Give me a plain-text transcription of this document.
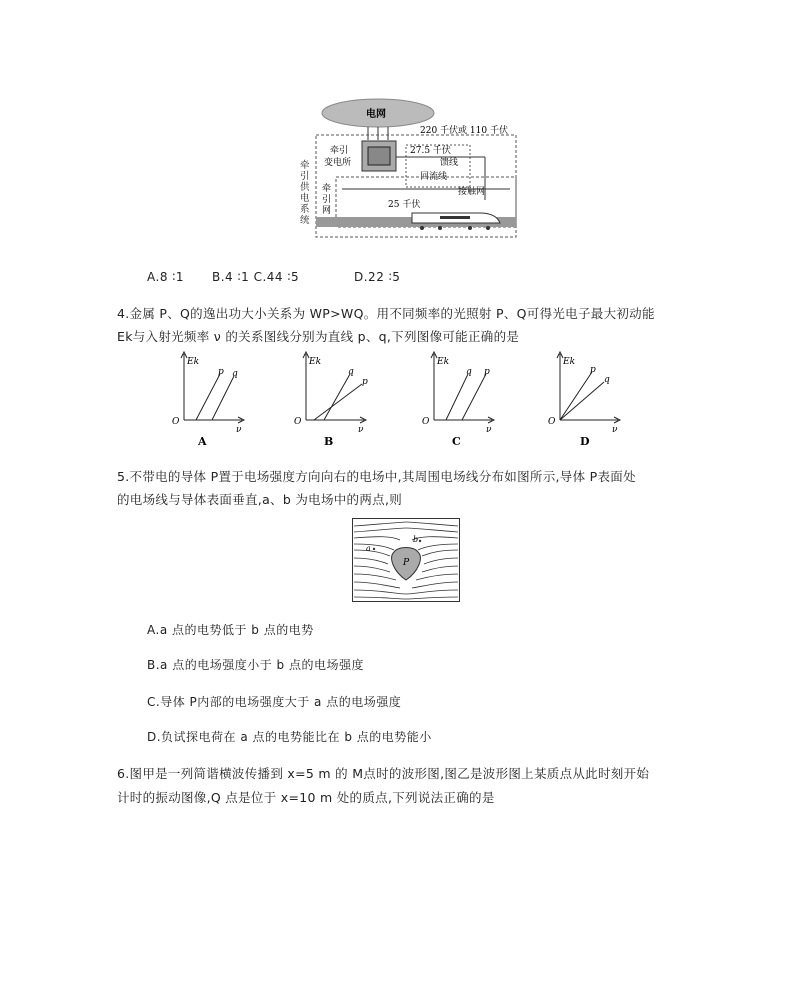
电网
220 千伏或 110 千伏
牵引
变电所
27.5 千伏
馈线
回流线
牵
引
网
接触网
25 千伏
牵
引
供
电
系
统
A.8 ∶1 B.4 ∶1 C.44 ∶5	D.22 ∶5
4.金属 P、Q的逸出功大小关系为 WP>WQ。用不同频率的光照射 P、Q可得光电子最大初动能
Ek与入射光频率 ν 的关系图线分别为直线 p、q,下列图像可能正确的是
Ek
O
ν
p q
A
Ek
O
ν
q
p
B
Ek
O
ν
q p
C
Ek
O
ν
p
q
D
5.不带电的导体 P置于电场强度方向向右的电场中,其周围电场线分布如图所示,导体 P表面处
的电场线与导体表面垂直,a、b 为电场中的两点,则
a
b
P
A.a 点的电势低于 b 点的电势
B.a 点的电场强度小于 b 点的电场强度
C.导体 P内部的电场强度大于 a 点的电场强度
D.负试探电荷在 a 点的电势能比在 b 点的电势能小
6.图甲是一列简谐横波传播到 x=5 m 的 M点时的波形图,图乙是波形图上某质点从此时刻开始
计时的振动图像,Q 点是位于 x=10 m 处的质点,下列说法正确的是
